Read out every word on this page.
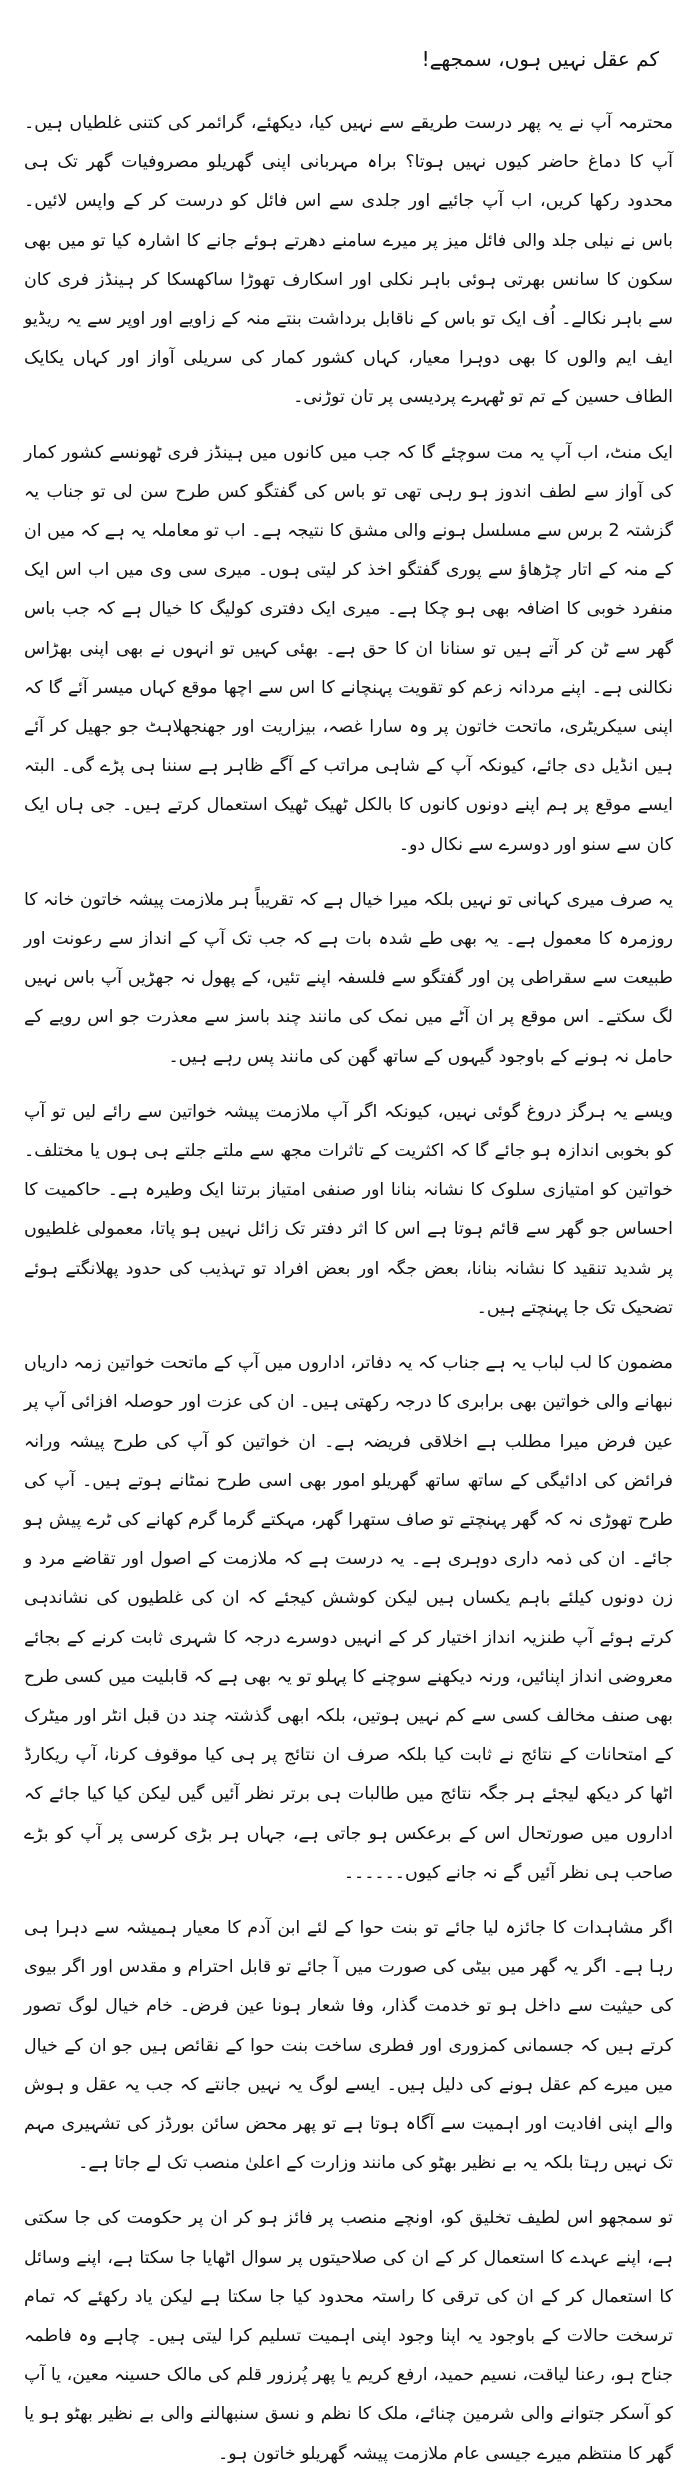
کم عقل نہیں ہوں، سمجھے!

محترمہ آپ نے یہ پھر درست طریقے سے نہیں کیا، دیکھئے، گرائمر کی کتنی غلطیاں ہیں۔ آپ کا دماغ حاضر کیوں نہیں ہوتا؟ براہ مہربانی اپنی گھریلو مصروفیات گھر تک ہی محدود رکھا کریں، اب آپ جائیے اور جلدی سے اس فائل کو درست کر کے واپس لائیں۔ باس نے نیلی جلد والی فائل میز پر میرے سامنے دھرتے ہوئے جانے کا اشارہ کیا تو میں بھی سکون کا سانس بھرتی ہوئی باہر نکلی اور اسکارف تھوڑا ساکھسکا کر ہینڈز فری کان سے باہر نکالے۔ اُف ایک تو باس کے ناقابل برداشت بنتے منہ کے زاویے اور اوپر سے یہ ریڈیو ایف ایم والوں کا بھی دوہرا معیار، کہاں کشور کمار کی سریلی آواز اور کہاں یکایک الطاف حسین کے تم تو ٹھہرے پردیسی پر تان توڑنی۔

ایک منٹ، اب آپ یہ مت سوچئے گا کہ جب میں کانوں میں ہینڈز فری ٹھونسے کشور کمار کی آواز سے لطف اندوز ہو رہی تھی تو باس کی گفتگو کس طرح سن لی تو جناب یہ گزشتہ 2 برس سے مسلسل ہونے والی مشق کا نتیجہ ہے۔ اب تو معاملہ یہ ہے کہ میں ان کے منہ کے اتار چڑھاؤ سے پوری گفتگو اخذ کر لیتی ہوں۔ میری سی وی میں اب اس ایک منفرد خوبی کا اضافہ بھی ہو چکا ہے۔ میری ایک دفتری کولیگ کا خیال ہے کہ جب باس گھر سے ٹن کر آتے ہیں تو سنانا ان کا حق ہے۔ بھئی کہیں تو انہوں نے بھی اپنی بھڑاس نکالنی ہے۔ اپنے مردانہ زعم کو تقویت پہنچانے کا اس سے اچھا موقع کہاں میسر آئے گا کہ اپنی سیکریٹری، ماتحت خاتون پر وہ سارا غصہ، بیزاریت اور جھنجھلاہٹ جو جھیل کر آئے ہیں انڈیل دی جائے، کیونکہ آپ کے شاہی مراتب کے آگے ظاہر ہے سننا ہی پڑے گی۔ البتہ ایسے موقع پر ہم اپنے دونوں کانوں کا بالکل ٹھیک ٹھیک استعمال کرتے ہیں۔ جی ہاں ایک کان سے سنو اور دوسرے سے نکال دو۔

یہ صرف میری کہانی تو نہیں بلکہ میرا خیال ہے کہ تقریباً ہر ملازمت پیشہ خاتون خانہ کا روزمرہ کا معمول ہے۔ یہ بھی طے شدہ بات ہے کہ جب تک آپ کے انداز سے رعونت اور طبیعت سے سقراطی پن اور گفتگو سے فلسفہ اپنے تئیں، کے پھول نہ جھڑیں آپ باس نہیں لگ سکتے۔ اس موقع پر ان آٹے میں نمک کی مانند چند باسز سے معذرت جو اس رویے کے حامل نہ ہونے کے باوجود گیہوں کے ساتھ گھن کی مانند پس رہے ہیں۔

ویسے یہ ہرگز دروغ گوئی نہیں، کیونکہ اگر آپ ملازمت پیشہ خواتین سے رائے لیں تو آپ کو بخوبی اندازہ ہو جائے گا کہ اکثریت کے تاثرات مجھ سے ملتے جلتے ہی ہوں یا مختلف۔ خواتین کو امتیازی سلوک کا نشانہ بنانا اور صنفی امتیاز برتنا ایک وطیرہ ہے۔ حاکمیت کا احساس جو گھر سے قائم ہوتا ہے اس کا اثر دفتر تک زائل نہیں ہو پاتا، معمولی غلطیوں پر شدید تنقید کا نشانہ بنانا، بعض جگہ اور بعض افراد تو تہذیب کی حدود پھلانگتے ہوئے تضحیک تک جا پہنچتے ہیں۔

مضمون کا لب لباب یہ ہے جناب کہ یہ دفاتر، اداروں میں آپ کے ماتحت خواتین زمہ داریاں نبھانے والی خواتین بھی برابری کا درجہ رکھتی ہیں۔ ان کی عزت اور حوصلہ افزائی آپ پر عین فرض میرا مطلب ہے اخلاقی فریضہ ہے۔ ان خواتین کو آپ کی طرح پیشہ ورانہ فرائض کی ادائیگی کے ساتھ ساتھ گھریلو امور بھی اسی طرح نمٹانے ہوتے ہیں۔ آپ کی طرح تھوڑی نہ کہ گھر پہنچتے تو صاف ستھرا گھر، مہکتے گرما گرم کھانے کی ٹرے پیش ہو جائے۔ ان کی ذمہ داری دوہری ہے۔ یہ درست ہے کہ ملازمت کے اصول اور تقاضے مرد و زن دونوں کیلئے باہم یکساں ہیں لیکن کوشش کیجئے کہ ان کی غلطیوں کی نشاندہی کرتے ہوئے آپ طنزیہ انداز اختیار کر کے انہیں دوسرے درجہ کا شہری ثابت کرنے کے بجائے معروضی انداز اپنائیں، ورنہ دیکھنے سوچنے کا پہلو تو یہ بھی ہے کہ قابلیت میں کسی طرح بھی صنف مخالف کسی سے کم نہیں ہوتیں، بلکہ ابھی گذشتہ چند دن قبل انٹر اور میٹرک کے امتحانات کے نتائج نے ثابت کیا بلکہ صرف ان نتائج پر ہی کیا موقوف کرنا، آپ ریکارڈ اٹھا کر دیکھ لیجئے ہر جگہ نتائج میں طالبات ہی برتر نظر آئیں گیں لیکن کیا کیا جائے کہ اداروں میں صورتحال اس کے برعکس ہو جاتی ہے، جہاں ہر بڑی کرسی پر آپ کو بڑے صاحب ہی نظر آئیں گے نہ جانے کیوں۔۔۔۔۔۔

اگر مشاہدات کا جائزہ لیا جائے تو بنت حوا کے لئے ابن آدم کا معیار ہمیشہ سے دہرا ہی رہا ہے۔ اگر یہ گھر میں بیٹی کی صورت میں آ جائے تو قابل احترام و مقدس اور اگر بیوی کی حیثیت سے داخل ہو تو خدمت گذار، وفا شعار ہونا عین فرض۔ خام خیال لوگ تصور کرتے ہیں کہ جسمانی کمزوری اور فطری ساخت بنت حوا کے نقائص ہیں جو ان کے خیال میں میرے کم عقل ہونے کی دلیل ہیں۔ ایسے لوگ یہ نہیں جانتے کہ جب یہ عقل و ہوش والے اپنی افادیت اور اہمیت سے آگاہ ہوتا ہے تو پھر محض سائن بورڈز کی تشہیری مہم تک نہیں رہتا بلکہ یہ بے نظیر بھٹو کی مانند وزارت کے اعلیٰ منصب تک لے جاتا ہے۔

تو سمجھو اس لطیف تخلیق کو، اونچے منصب پر فائز ہو کر ان پر حکومت کی جا سکتی ہے، اپنے عہدے کا استعمال کر کے ان کی صلاحیتوں پر سوال اٹھایا جا سکتا ہے، اپنے وسائل کا استعمال کر کے ان کی ترقی کا راستہ محدود کیا جا سکتا ہے لیکن یاد رکھئے کہ تمام ترسخت حالات کے باوجود یہ اپنا وجود اپنی اہمیت تسلیم کرا لیتی ہیں۔ چاہے وہ فاطمہ جناح ہو، رعنا لیاقت، نسیم حمید، ارفع کریم یا پھر پُرزور قلم کی مالک حسینہ معین، یا آپ کو آسکر جتوانے والی شرمین چنائے، ملک کا نظم و نسق سنبھالنے والی بے نظیر بھٹو ہو یا گھر کا منتظم میرے جیسی عام ملازمت پیشہ گھریلو خاتون ہو۔
